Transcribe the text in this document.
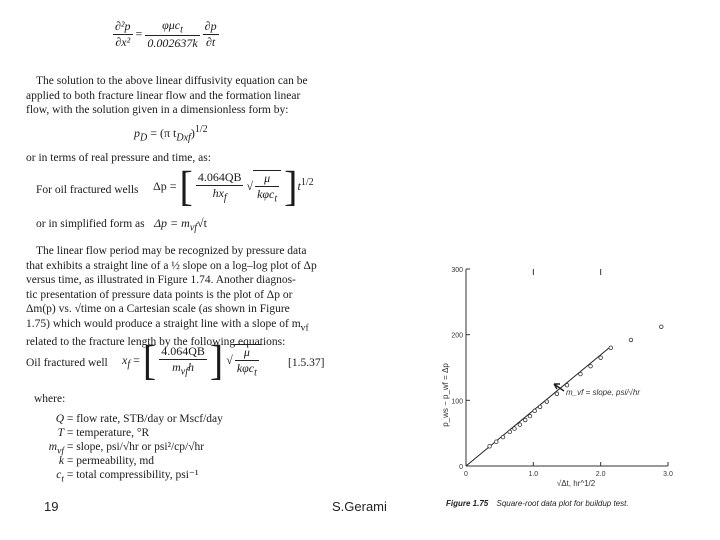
$\frac{\text{∂²p}}{\text{∂x²}} = \frac{\varphi\mu c_t}{0.002637k}$
$\frac{\partial p}{\partial t}$
The solution to the above linear diffusivity equation can be
applied to both fracture linear flow and the formation linear
flow, with the solution given in a dimensionless form by:
$p_D = (\pi$ $t_{Dxf})^{1/2}$
or in terms of real pressure and time, as:
For oil fractured wells Δp = [ $\frac{4.064QB}{hx_f}$ √ $\frac{\mu}{k\varphi c_t} ]t^{1/2}$
or in simplified form as $\Delta p = m_{vf}√t$
The linear flow period may be recognized by pressure data
that exhibits a straight line of a ½ slope on a log–log plot of Δp
versus time, as illustrated in Figure 1.74. Another diagnos-
tic presentation of pressure data points is the plot of Δp or
Δm(p) vs. √time on a Cartesian scale (as shown in Figure
1.75) which would produce a straight line with a slope of $m_{vf}$
related to the fracture length by the following equations:
Oil fractured well $x_f$ = [ $\frac{4.064QB}{m_{vf}h}$ ] √ $\frac{\mu}{k\varphi c_t}$	[1.5.37]
where:
Q = flow rate, STB/day or Mscf/day
T = temperature, °R
$m_{vf}$ = slope, psi/√hr or psi²/cp/√hr
k = permeability, md
$c_t$ = total compressibility, psi⁻¹	0	1.0	2.0	3.0
0
100
200
300
p_ws − p_wf = Δp
√Δt, hr^1/2
m_vf = slope, psi/√hr
Figure 1.75 Square-root data plot for buildup test.
19	S.Gerami
